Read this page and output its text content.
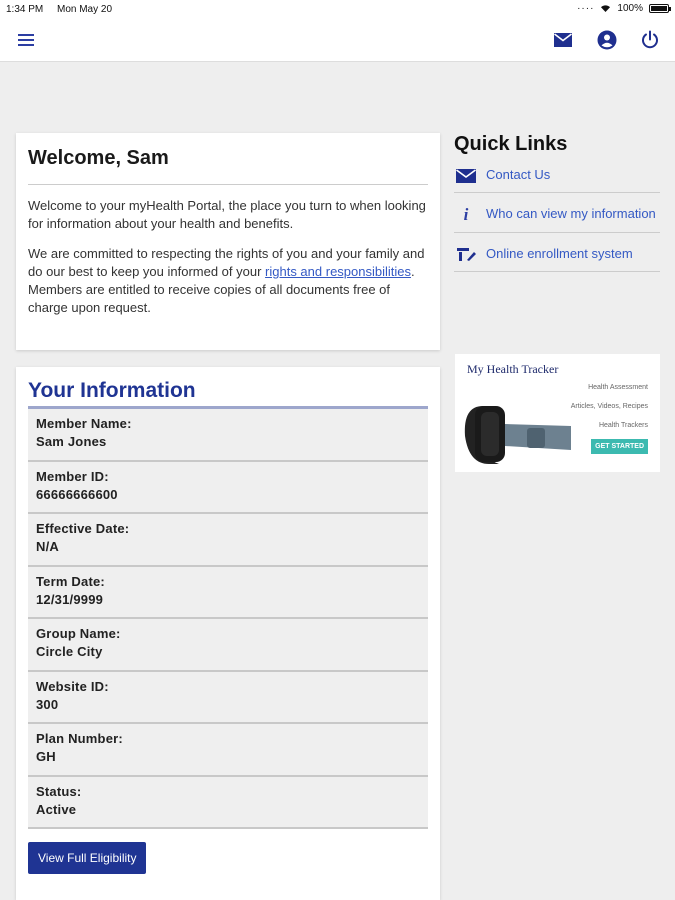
1:34 PM Mon May 20	···· 100%
Welcome, Sam

Welcome to your myHealth Portal, the place you turn to when looking for information about your health and benefits.

We are committed to respecting the rights of you and your family and do our best to keep you informed of your rights and responsibilities. Members are entitled to receive copies of all documents free of charge upon request.

Your Information
Member Name:
Sam Jones
Member ID:
66666666600
Effective Date:
N/A
Term Date:
12/31/9999
Group Name:
Circle City
Website ID:
300
Plan Number:
GH
Status:
Active
View Full Eligibility
Quick Links
Contact Us
i Who can view my information
Online enrollment system
My Health Tracker
Health Assessment
Articles, Videos, Recipes
Health Trackers
GET STARTED
